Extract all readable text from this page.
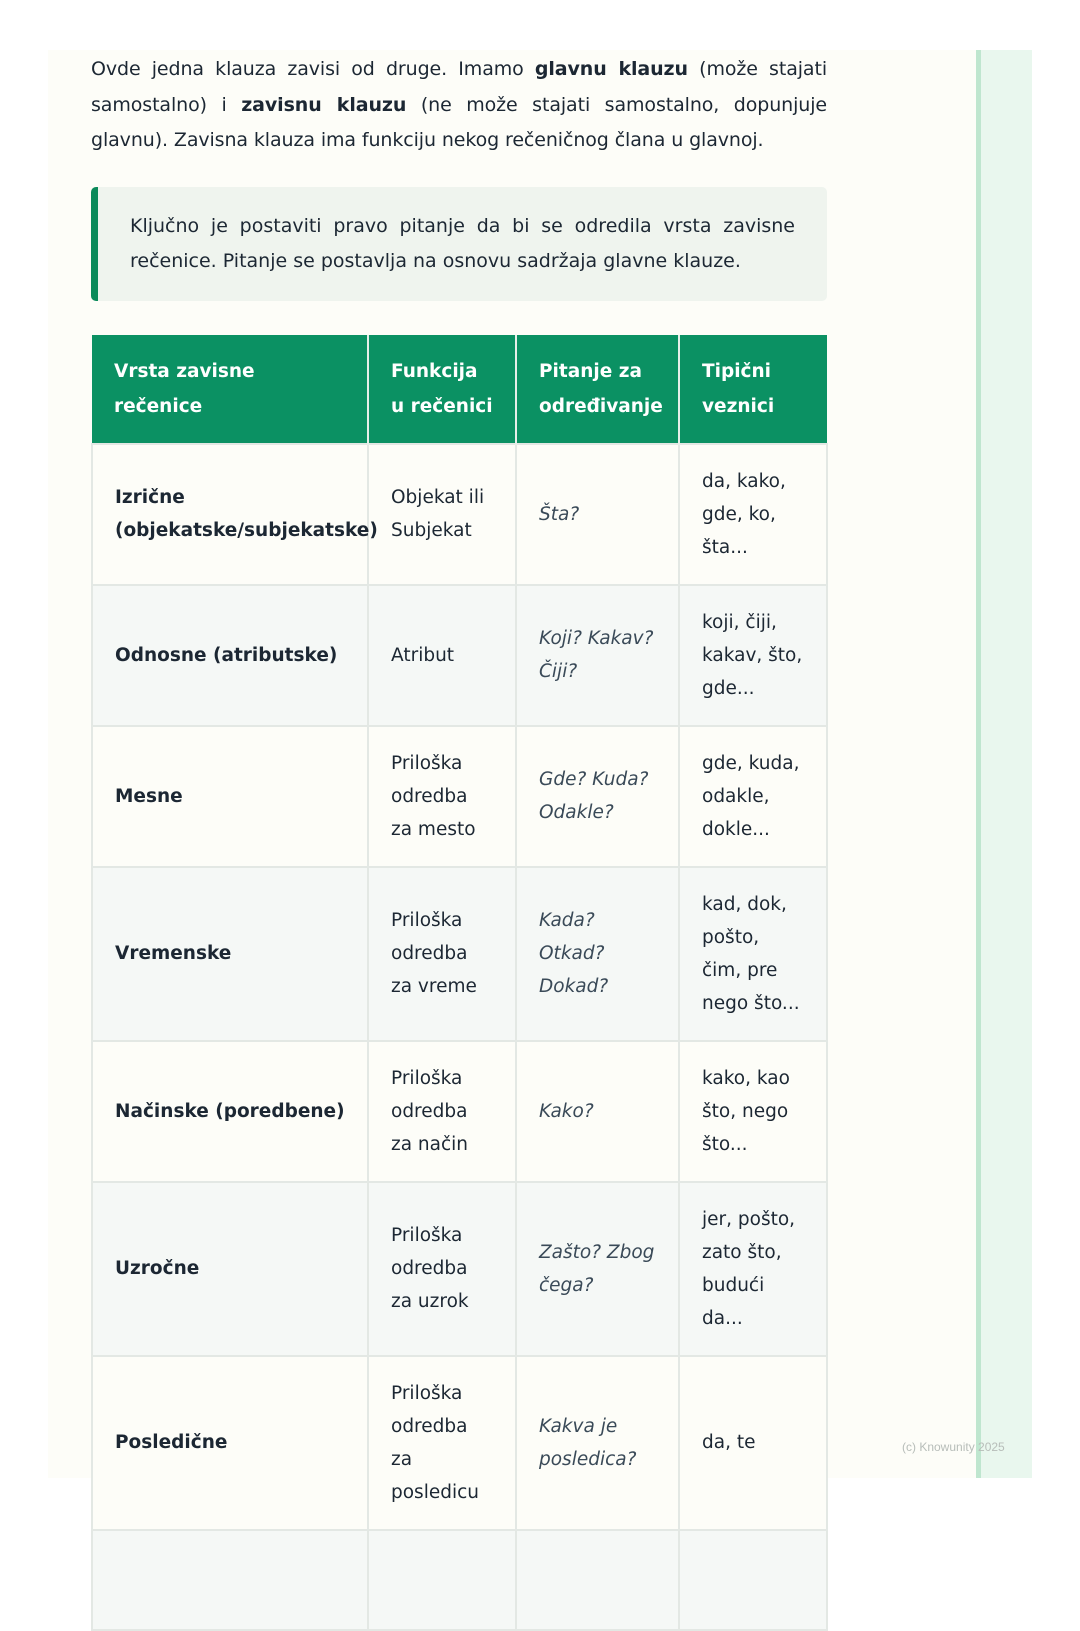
Ovde jedna klauza zavisi od druge. Imamo glavnu klauzu (može stajati samostalno) i zavisnu klauzu (ne može stajati samostalno, dopunjuje glavnu). Zavisna klauza ima funkciju nekog rečeničnog člana u glavnoj.

Ključno je postaviti pravo pitanje da bi se odredila vrsta zavisne rečenice. Pitanje se postavlja na osnovu sadržaja glavne klauze.
Vrsta zavisne rečenice	Funkcija u rečenici	Pitanje za određivanje	Tipični veznici
Izrične (objekatske/subjekatske)	Objekat ili Subjekat	Šta?	da, kako, gde, ko, šta...
Odnosne (atributske)	Atribut	Koji? Kakav? Čiji?	koji, čiji, kakav, što, gde...
Mesne	Priloška odredba za mesto	Gde? Kuda? Odakle?	gde, kuda, odakle, dokle...
Vremenske	Priloška odredba za vreme	Kada? Otkad? Dokad?	kad, dok, pošto, čim, pre nego što...
Načinske (poredbene)	Priloška odredba za način	Kako?	kako, kao što, nego što...
Uzročne	Priloška odredba za uzrok	Zašto? Zbog čega?	jer, pošto, zato što, budući da...
Posledične	Priloška odredba za posledicu	Kakva je posledica?	da, te
				(c) Knowunity 2025
